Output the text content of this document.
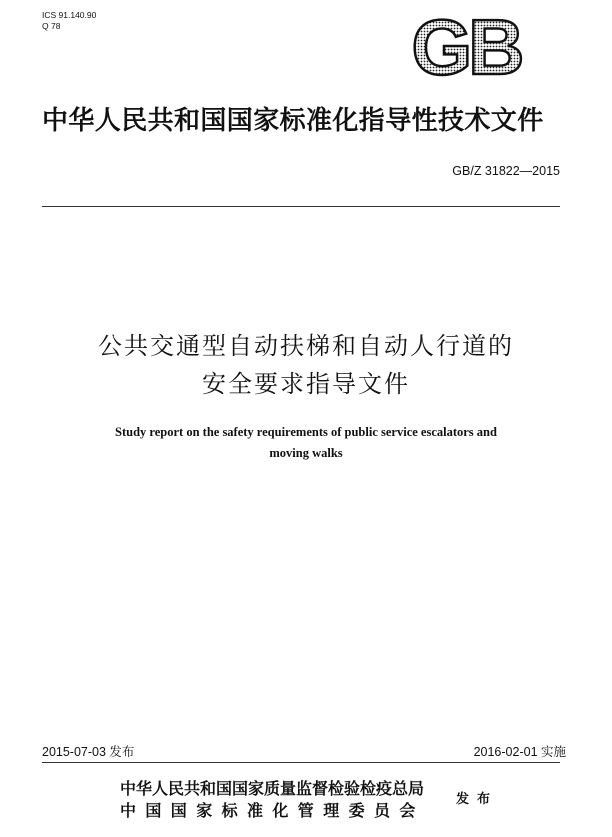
ICS 91.140.90
Q 78	GB
中华人民共和国国家标准化指导性技术文件
GB/Z 31822—2015
公共交通型自动扶梯和自动人行道的
安全要求指导文件
Study report on the safety requirements of public service escalators and
moving walks
2015-07-03 发布	2016-02-01 实施
中华人民共和国国家质量监督检验检疫总局
中国国家标准化管理委员会
发布
